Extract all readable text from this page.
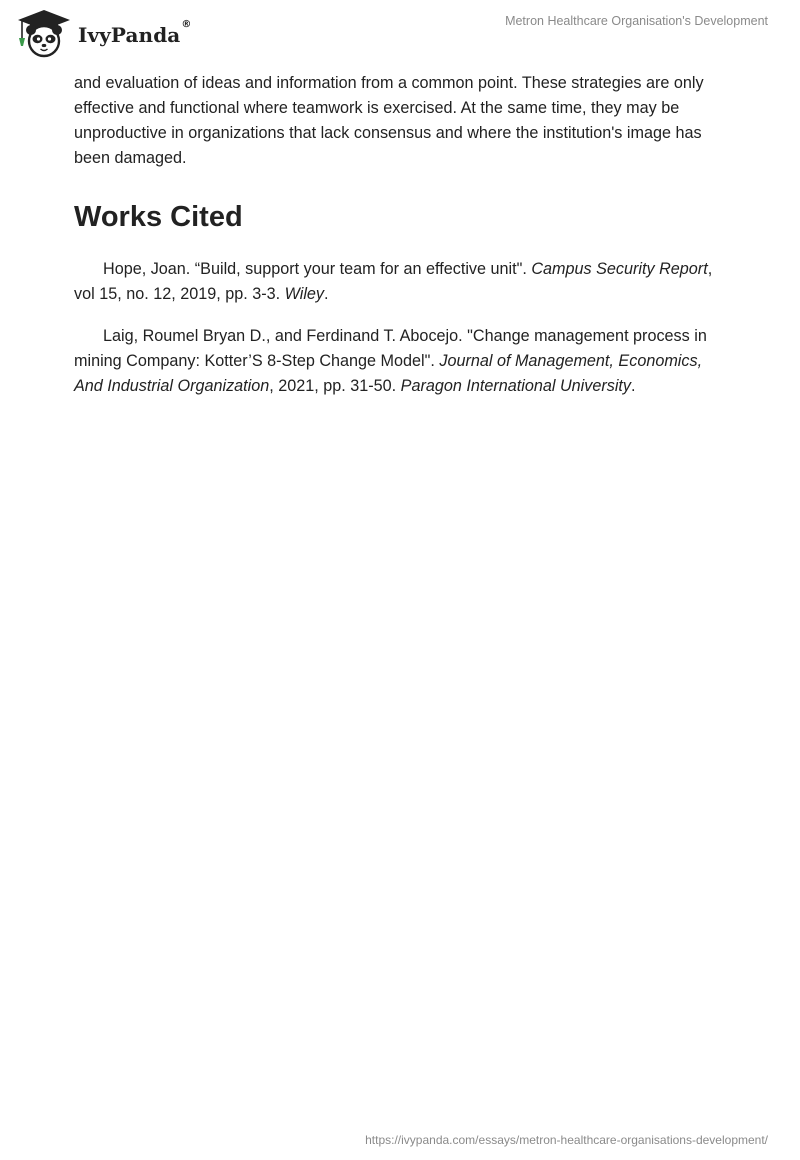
IvyPanda®	Metron Healthcare Organisation's Development

and evaluation of ideas and information from a common point. These strategies are only effective and functional where teamwork is exercised. At the same time, they may be unproductive in organizations that lack consensus and where the institution's image has been damaged.

Works Cited

Hope, Joan. “Build, support your team for an effective unit". Campus Security Report, vol 15, no. 12, 2019, pp. 3-3. Wiley.

Laig, Roumel Bryan D., and Ferdinand T. Abocejo. "Change management process in mining Company: Kotter’S 8-Step Change Model". Journal of Management, Economics, And Industrial Organization, 2021, pp. 31-50. Paragon International University.

https://ivypanda.com/essays/metron-healthcare-organisations-development/
